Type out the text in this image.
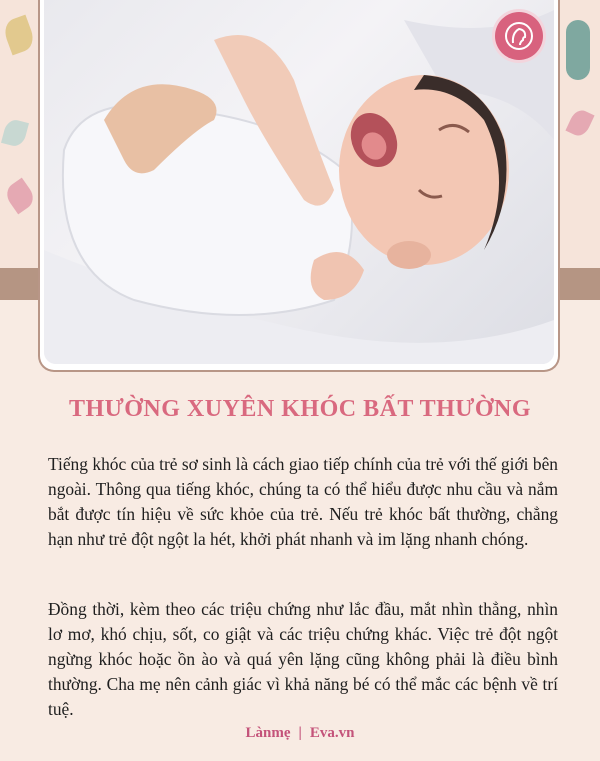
THƯỜNG XUYÊN KHÓC BẤT THƯỜNG

Tiếng khóc của trẻ sơ sinh là cách giao tiếp chính của trẻ với thế giới bên ngoài. Thông qua tiếng khóc, chúng ta có thể hiểu được nhu cầu và nắm bắt được tín hiệu về sức khỏe của trẻ. Nếu trẻ khóc bất thường, chẳng hạn như trẻ đột ngột la hét, khởi phát nhanh và im lặng nhanh chóng.

Đồng thời, kèm theo các triệu chứng như lắc đầu, mắt nhìn thẳng, nhìn lơ mơ, khó chịu, sốt, co giật và các triệu chứng khác. Việc trẻ đột ngột ngừng khóc hoặc ồn ào và quá yên lặng cũng không phải là điều bình thường. Cha mẹ nên cảnh giác vì khả năng bé có thể mắc các bệnh về trí tuệ.

Lànmẹ | Eva.vn
